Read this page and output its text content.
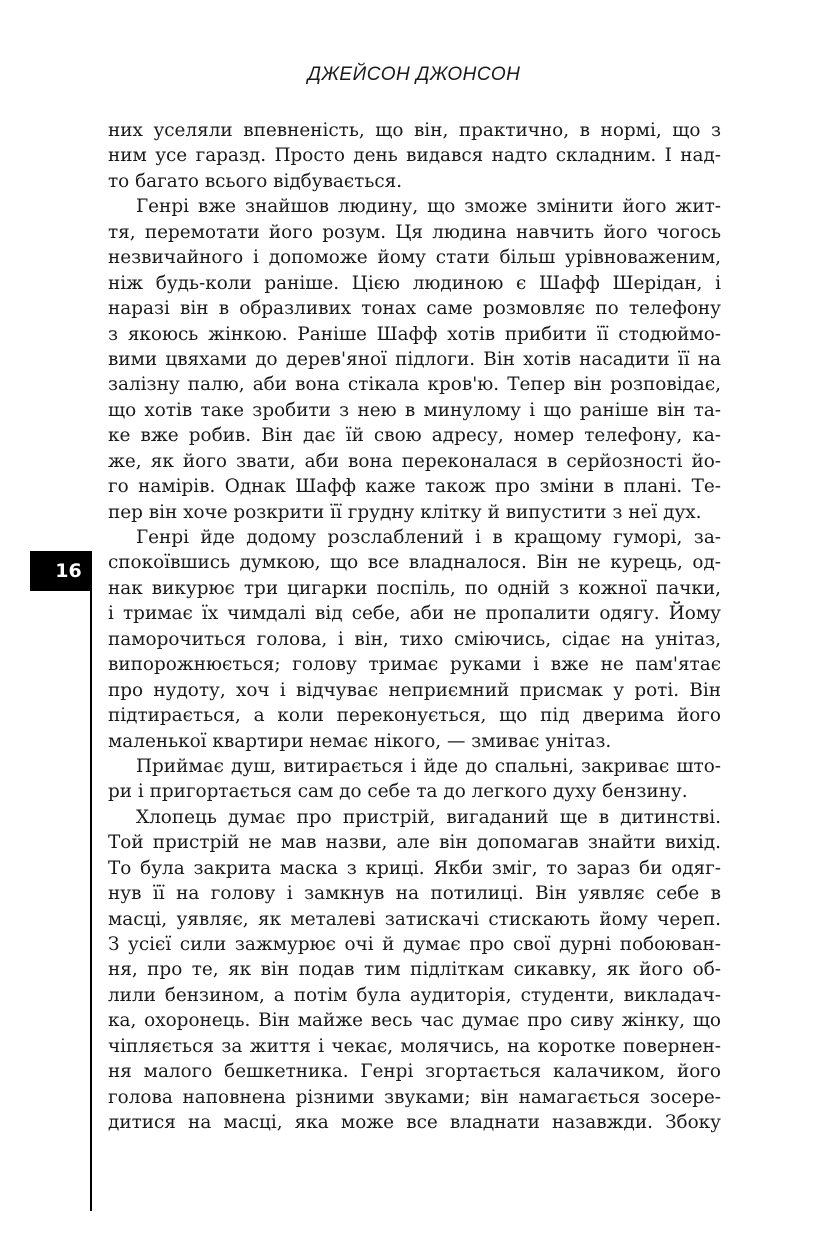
ДЖЕЙСОН ДЖОНСОН
16
них уселяли впевненість, що він, практично, в нормі, що з
ним усе гаразд. Просто день видався надто складним. І над-
то багато всього відбувається.
Генрі вже знайшов людину, що зможе змінити його жит-
тя, перемотати його розум. Ця людина навчить його чогось
незвичайного і допоможе йому стати більш урівноваженим,
ніж будь-коли раніше. Цією людиною є Шафф Шерідан, і
наразі він в образливих тонах саме розмовляє по телефону
з якоюсь жінкою. Раніше Шафф хотів прибити її стодюймо-
вими цвяхами до дерев'яної підлоги. Він хотів насадити її на
залізну палю, аби вона стікала кров'ю. Тепер він розповідає,
що хотів таке зробити з нею в минулому і що раніше він та-
ке вже робив. Він дає їй свою адресу, номер телефону, ка-
же, як його звати, аби вона переконалася в серйозності йо-
го намірів. Однак Шафф каже також про зміни в плані. Те-
пер він хоче розкрити її грудну клітку й випустити з неї дух.
Генрі йде додому розслаблений і в кращому гуморі, за-
спокоївшись думкою, що все владналося. Він не курець, од-
нак викурює три цигарки поспіль, по одній з кожної пачки,
і тримає їх чимдалі від себе, аби не пропалити одягу. Йому
паморочиться голова, і він, тихо сміючись, сідає на унітаз,
випорожнюється; голову тримає руками і вже не пам'ятає
про нудоту, хоч і відчуває неприємний присмак у роті. Він
підтирається, а коли переконується, що під дверима його
маленької квартири немає нікого, — змиває унітаз.
Приймає душ, витирається і йде до спальні, закриває што-
ри і пригортається сам до себе та до легкого духу бензину.
Хлопець думає про пристрій, вигаданий ще в дитинстві.
Той пристрій не мав назви, але він допомагав знайти вихід.
То була закрита маска з криці. Якби зміг, то зараз би одяг-
нув її на голову і замкнув на потилиці. Він уявляє себе в
масці, уявляє, як металеві затискачі стискають йому череп.
З усієї сили зажмурює очі й думає про свої дурні побоюван-
ня, про те, як він подав тим підліткам сикавку, як його об-
лили бензином, а потім була аудиторія, студенти, викладач-
ка, охоронець. Він майже весь час думає про сиву жінку, що
чіпляється за життя і чекає, молячись, на коротке повернен-
ня малого бешкетника. Генрі згортається калачиком, його
голова наповнена різними звуками; він намагається зосере-
дитися на масці, яка може все владнати назавжди. Збоку
